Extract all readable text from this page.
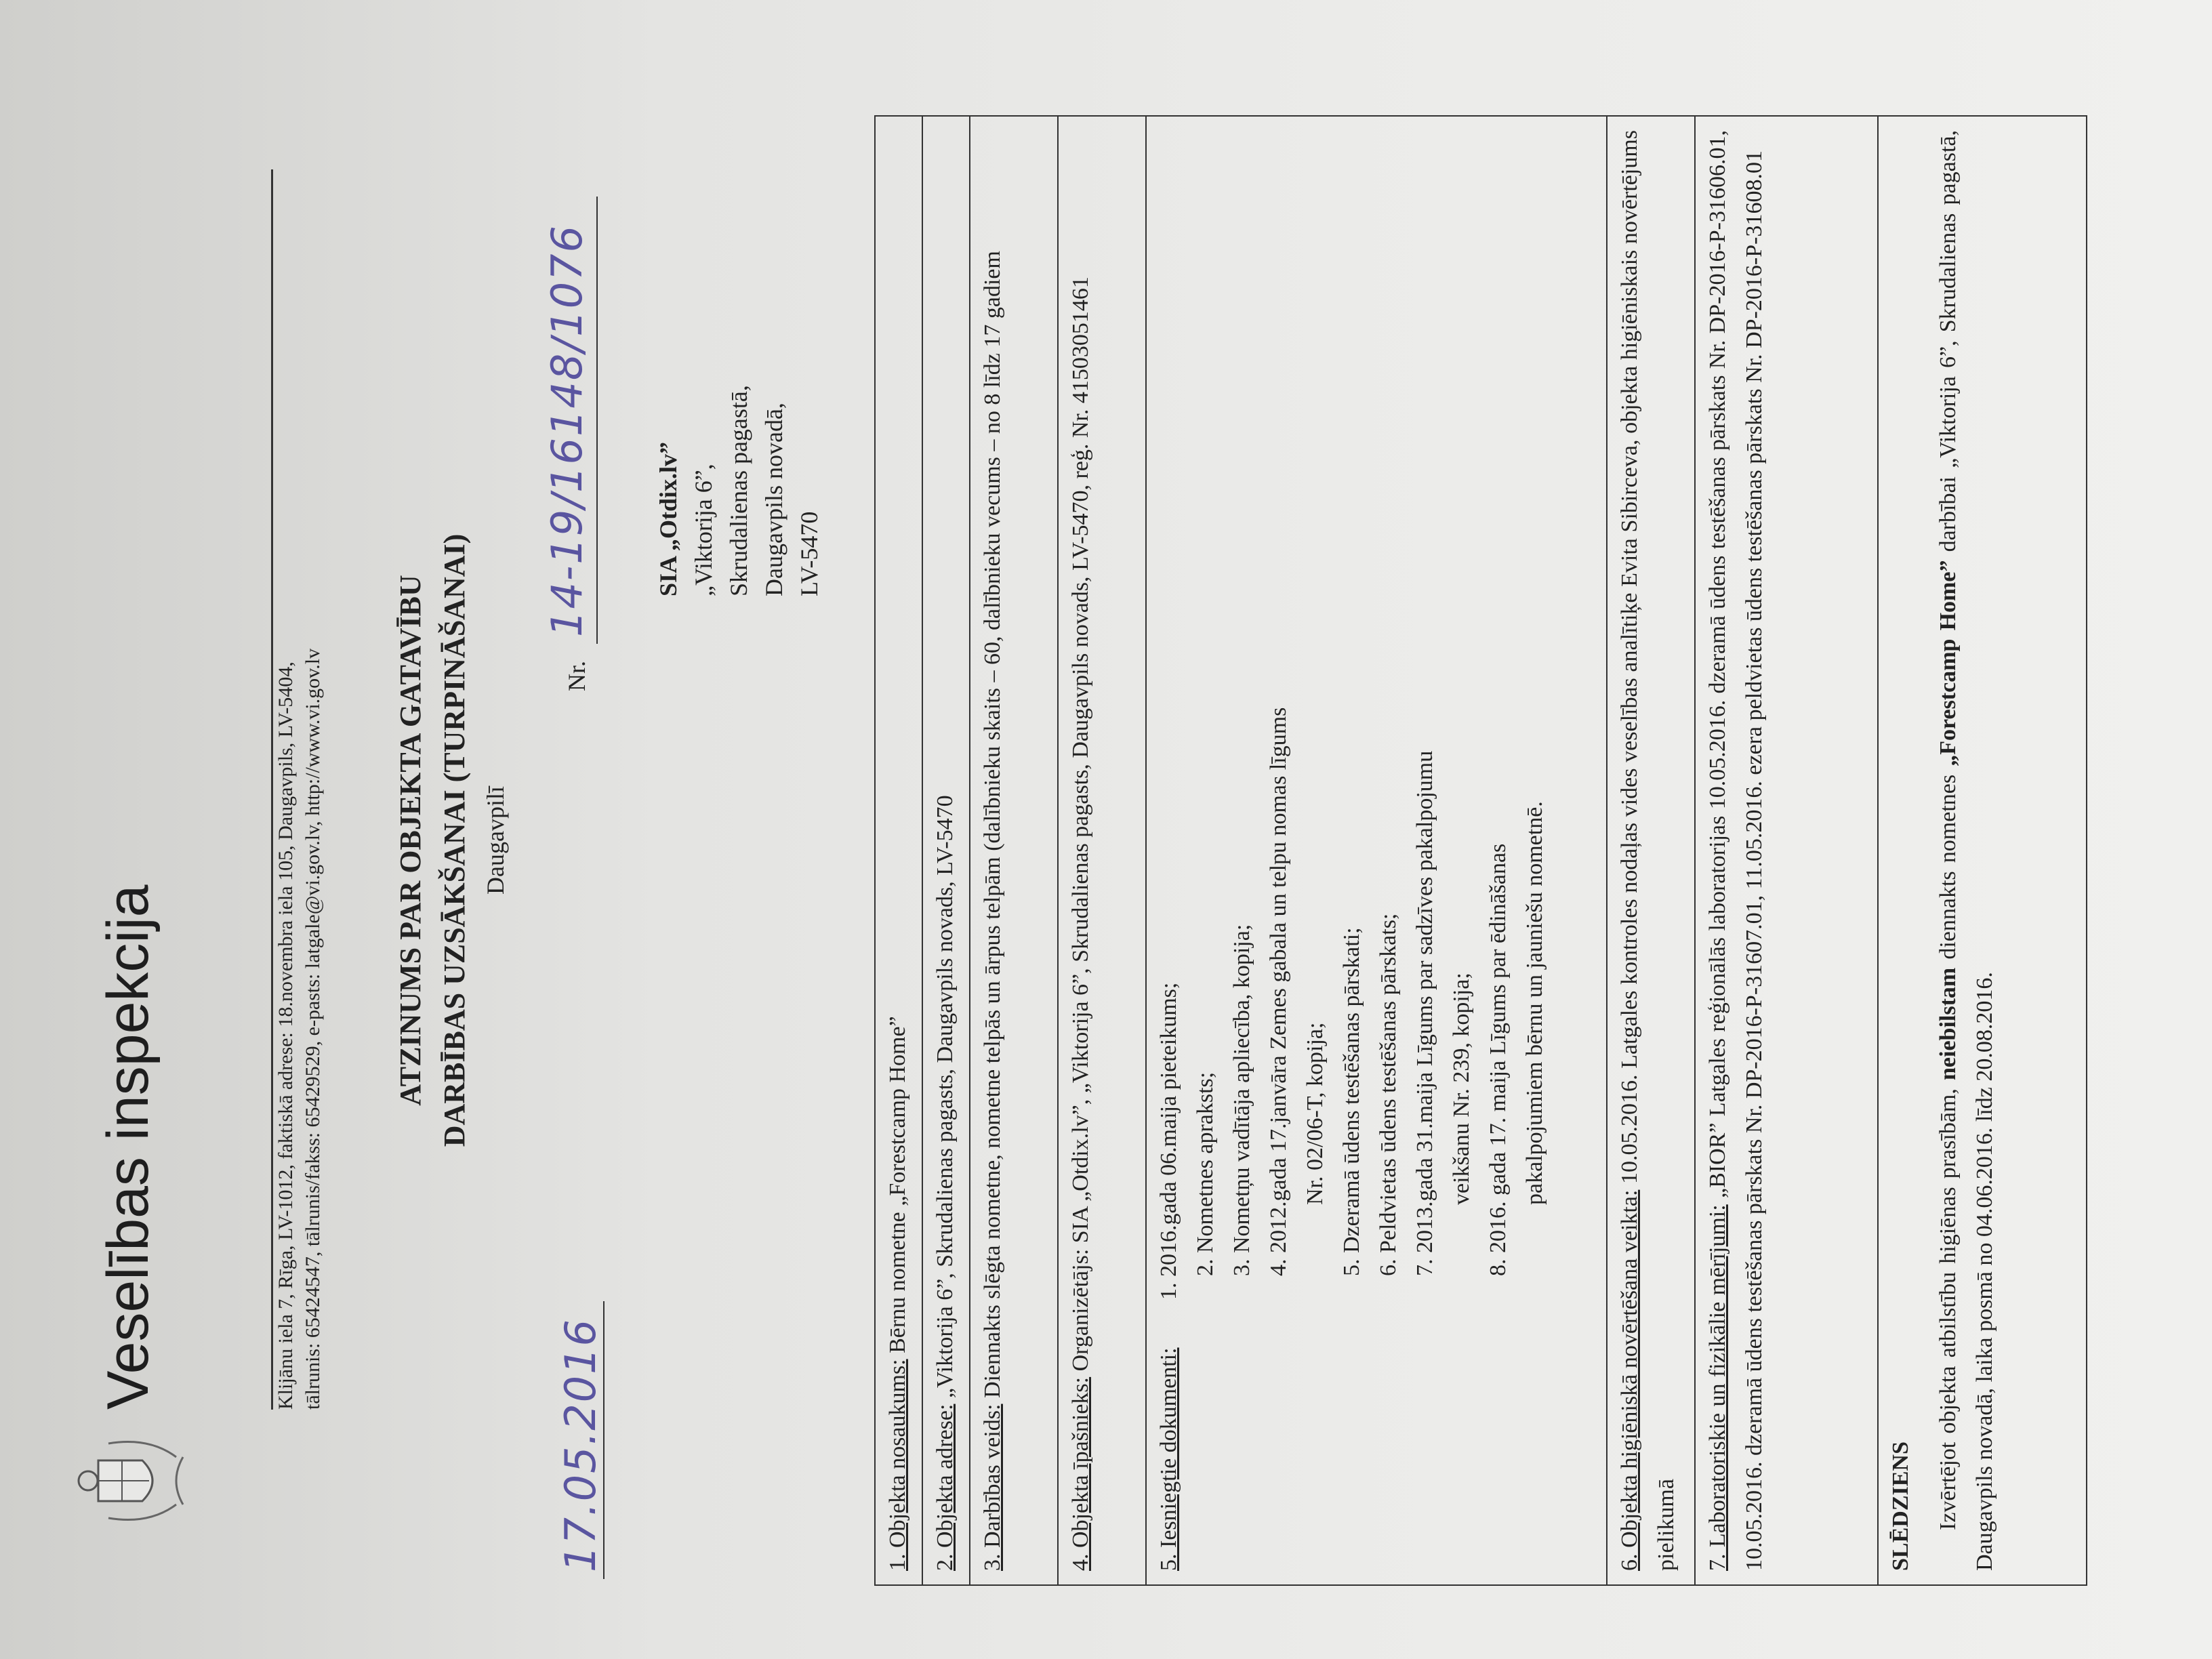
Veselības inspekcija	Klijānu iela 7, Rīga, LV-1012, faktiskā adrese: 18.novembra iela 105, Daugavpils, LV-5404, tālrunis: 65424547, tālrunis/fakss: 65429529, e-pasts: latgale@vi.gov.lv, http://www.vi.gov.lv ATZINUMS PAR OBJEKTA GATAVĪBU DARBĪBAS UZSĀKŠANAI (TURPINĀŠANAI) Daugavpilī
17.05.2016
Nr.
14-19/16148/1076	SIA „Otdix.lv” „Viktorija 6”, Skrudalienas pagastā, Daugavpils novadā, LV-5470
1. Objekta nosaukums: Bērnu nometne „Forestcamp Home”
2. Objekta adrese: „Viktorija 6”, Skrudalienas pagasts, Daugavpils novads, LV-5470
3. Darbības veids: Diennakts slēgta nometne, nometne telpās un ārpus telpām (dalībnieku skaits – 60, dalībnieku vecums – no 8 līdz 17 gadiem
4. Objekta īpašnieks: Organizētājs: SIA „Otdix.lv”, „Viktorija 6”, Skrudalienas pagasts, Daugavpils novads, LV-5470, reģ. Nr. 41503051461
5. Iesniegtie dokumenti:
1. 2016.gada 06.maija pieteikums; 2. Nometnes apraksts; 3. Nometņu vadītāja apliecība, kopija; 4. 2012.gada 17.janvāra Zemes gabala un telpu nomas līgums Nr. 02/06-T, kopija; 5. Dzeramā ūdens testēšanas pārskati; 6. Peldvietas ūdens testēšanas pārskats; 7. 2013.gada 31.maija Līgums par sadzīves pakalpojumu veikšanu Nr. 239, kopija; 8. 2016. gada 17. maija Līgums par ēdināšanas pakalpojumiem bērnu un jauniešu nometnē.
6. Objekta higiēniskā novērtēšana veikta: 10.05.2016. Latgales kontroles nodaļas vides veselības analītiķe Evita Sibirceva, objekta higiēniskais novērtējums pielikumā	7. Laboratoriskie un fizikālie mērījumi: „BIOR” Latgales reģionālās laboratorijas 10.05.2016. dzeramā ūdens testēšanas pārskats Nr. DP-2016-P-31606.01, 10.05.2016. dzeramā ūdens testēšanas pārskats Nr. DP-2016-P-31607.01, 11.05.2016. ezera peldvietas ūdens testēšanas pārskats Nr. DP-2016-P-31608.01	SLĒDZIENS Izvērtējot objekta atbilstību higiēnas prasībām, neiebilstam diennakts nometnes „Forestcamp Home” darbībai „Viktorija 6”, Skrudalienas pagastā, Daugavpils novadā, laika posmā no 04.06.2016. līdz 20.08.2016.
